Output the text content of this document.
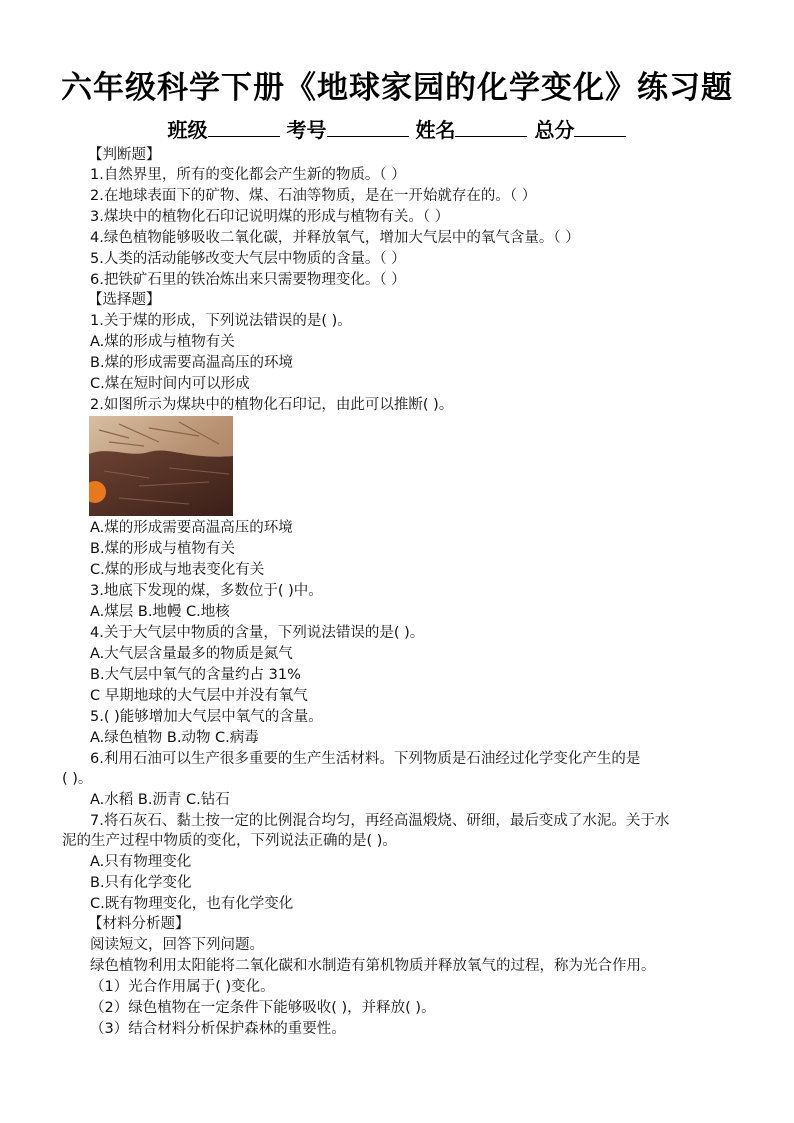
六年级科学下册《地球家园的化学变化》练习题
班级	考号	姓名	总分
【判断题】
1.自然界里，所有的变化都会产生新的物质。（ ）
2.在地球表面下的矿物、煤、石油等物质，是在一开始就存在的。（ ）
3.煤块中的植物化石印记说明煤的形成与植物有关。（ ）
4.绿色植物能够吸收二氧化碳，并释放氧气，增加大气层中的氧气含量。（ ）
5.人类的活动能够改变大气层中物质的含量。（ ）
6.把铁矿石里的铁冶炼出来只需要物理变化。（ ）
【选择题】
1.关于煤的形成，下列说法错误的是( )。
A.煤的形成与植物有关
B.煤的形成需要高温高压的环境
C.煤在短时间内可以形成
2.如图所示为煤块中的植物化石印记，由此可以推断( )。
A.煤的形成需要高温高压的环境
B.煤的形成与植物有关
C.煤的形成与地表变化有关
3.地底下发现的煤，多数位于( )中。
A.煤层 B.地幔 C.地核
4.关于大气层中物质的含量，下列说法错误的是( )。
A.大气层含量最多的物质是氮气
B.大气层中氧气的含量约占 31%
C 早期地球的大气层中并没有氧气
5.( )能够增加大气层中氧气的含量。
A.绿色植物 B.动物 C.病毒
6.利用石油可以生产很多重要的生产生活材料。下列物质是石油经过化学变化产生的是
( )。
A.水稻 B.沥青 C.钻石
7.将石灰石、黏土按一定的比例混合均匀，再经高温煅烧、研细，最后变成了水泥。关于水
泥的生产过程中物质的变化，下列说法正确的是( )。
A.只有物理变化
B.只有化学变化
C.既有物理变化，也有化学变化
【材料分析题】
阅读短文，回答下列问题。
绿色植物利用太阳能将二氧化碳和水制造有第机物质并释放氧气的过程，称为光合作用。
（1）光合作用属于( )变化。
（2）绿色植物在一定条件下能够吸收( )，并释放( )。
（3）结合材料分析保护森林的重要性。
